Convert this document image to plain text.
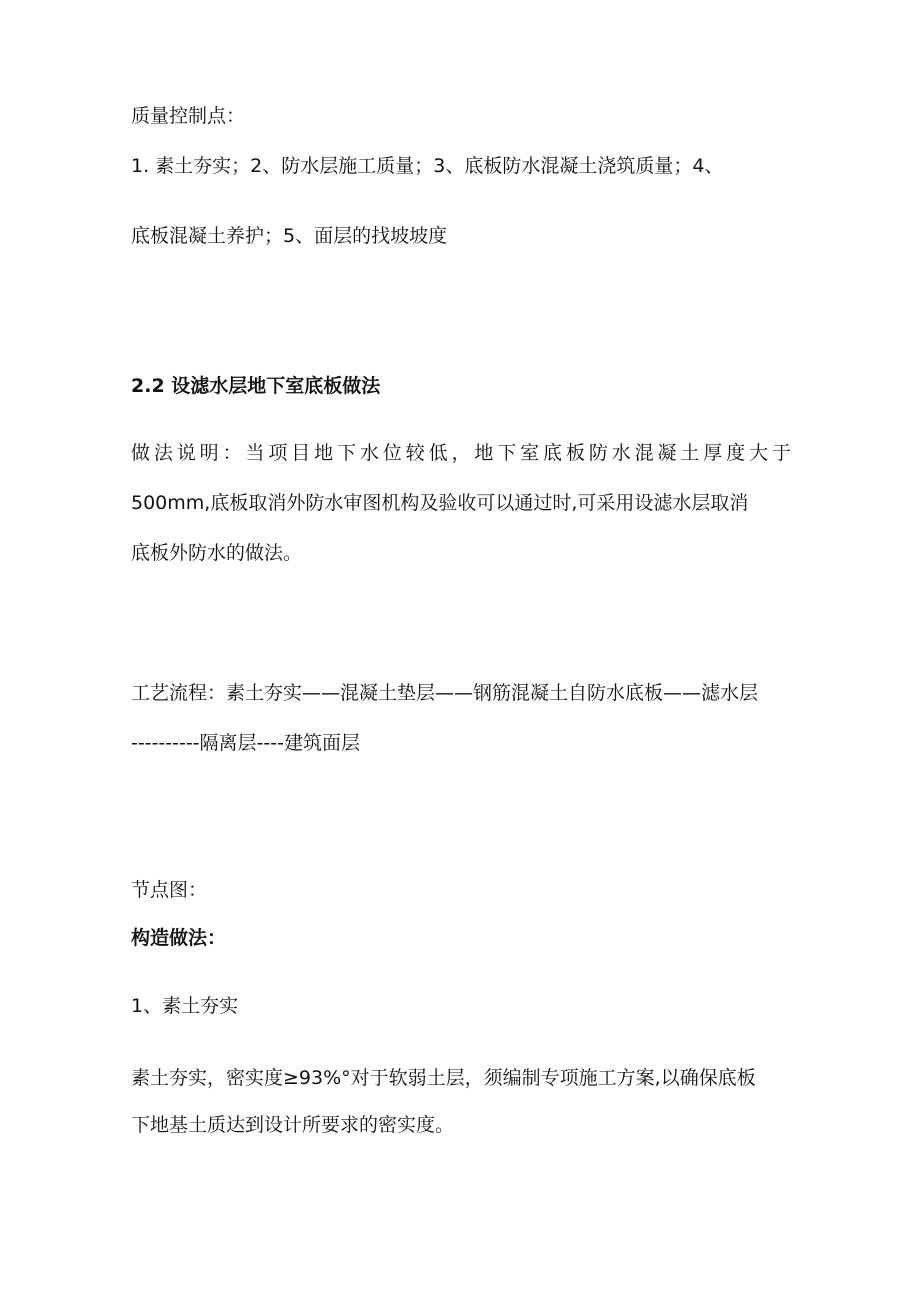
质量控制点：

1. 素土夯实；2、防水层施工质量；3、底板防水混凝土浇筑质量；4、

底板混凝土养护；5、面层的找坡坡度

2.2 设滤水层地下室底板做法

做法说明：当项目地下水位较低，地下室底板防水混凝土厚度大于

500mm,底板取消外防水审图机构及验收可以通过时,可采用设滤水层取消

底板外防水的做法。

工艺流程：素土夯实——混凝土垫层——钢筋混凝土自防水底板——滤水层

----------隔离层----建筑面层

节点图：

构造做法：

1、素土夯实

素土夯实，密实度≥93%°对于软弱土层，须编制专项施工方案,以确保底板

下地基土质达到设计所要求的密实度。
